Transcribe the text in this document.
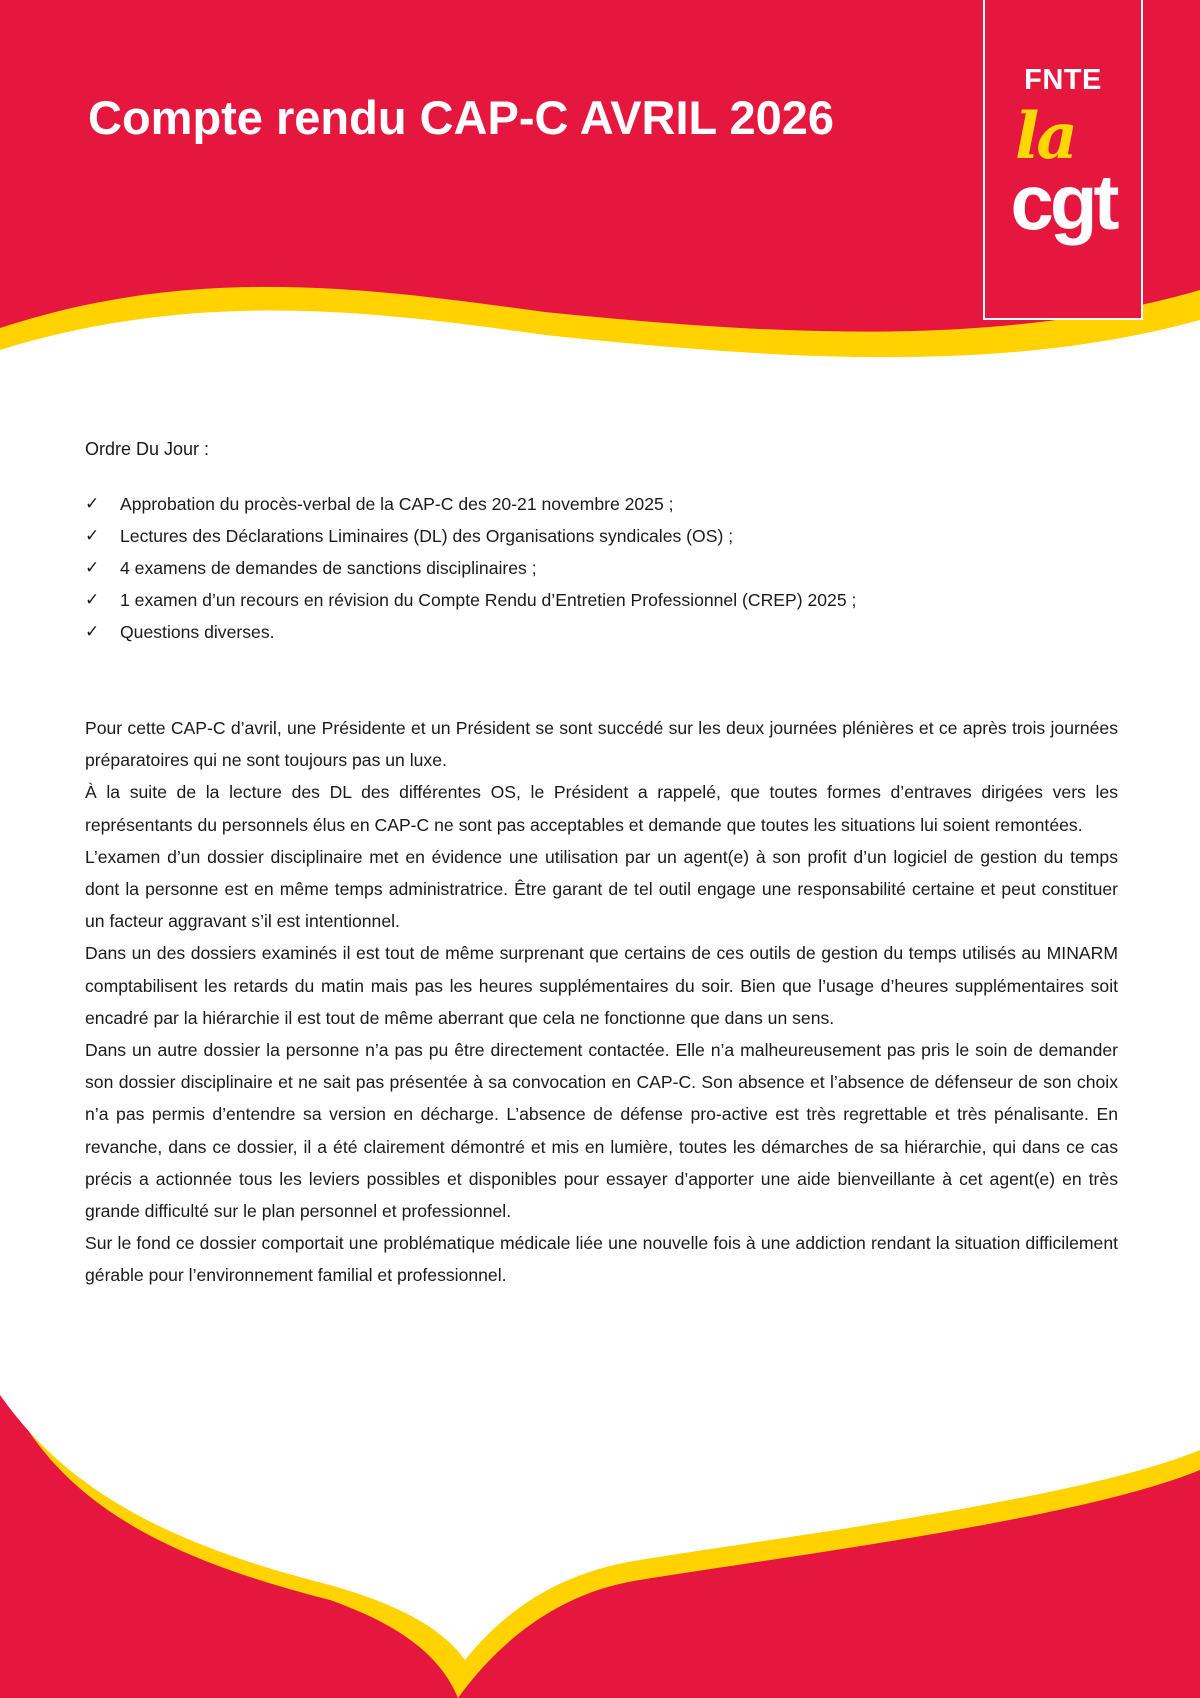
Compte rendu CAP-C AVRIL 2026
FNTE
la
cgt
Ordre Du Jour :
✓ Approbation du procès-verbal de la CAP-C des 20-21 novembre 2025 ;
✓ Lectures des Déclarations Liminaires (DL) des Organisations syndicales (OS) ;
✓ 4 examens de demandes de sanctions disciplinaires ;
✓ 1 examen d’un recours en révision du Compte Rendu d’Entretien Professionnel (CREP) 2025 ;
✓ Questions diverses.

Pour cette CAP-C d’avril, une Présidente et un Président se sont succédé sur les deux journées plénières et ce après trois journées préparatoires qui ne sont toujours pas un luxe.

À la suite de la lecture des DL des différentes OS, le Président a rappelé, que toutes formes d’entraves dirigées vers les représentants du personnels élus en CAP-C ne sont pas acceptables et demande que toutes les situations lui soient remontées.

L’examen d’un dossier disciplinaire met en évidence une utilisation par un agent(e) à son profit d’un logiciel de gestion du temps dont la personne est en même temps administratrice. Être garant de tel outil engage une responsabilité certaine et peut constituer un facteur aggravant s’il est intentionnel.

Dans un des dossiers examinés il est tout de même surprenant que certains de ces outils de gestion du temps utilisés au MINARM comptabilisent les retards du matin mais pas les heures supplémentaires du soir. Bien que l’usage d’heures supplémentaires soit encadré par la hiérarchie il est tout de même aberrant que cela ne fonctionne que dans un sens.

Dans un autre dossier la personne n’a pas pu être directement contactée. Elle n’a malheureusement pas pris le soin de demander son dossier disciplinaire et ne sait pas présentée à sa convocation en CAP-C. Son absence et l’absence de défenseur de son choix n’a pas permis d’entendre sa version en décharge. L’absence de défense pro-active est très regrettable et très pénalisante. En revanche, dans ce dossier, il a été clairement démontré et mis en lumière, toutes les démarches de sa hiérarchie, qui dans ce cas précis a actionnée tous les leviers possibles et disponibles pour essayer d’apporter une aide bienveillante à cet agent(e) en très grande difficulté sur le plan personnel et professionnel.

Sur le fond ce dossier comportait une problématique médicale liée une nouvelle fois à une addiction rendant la situation difficilement gérable pour l’environnement familial et professionnel.
